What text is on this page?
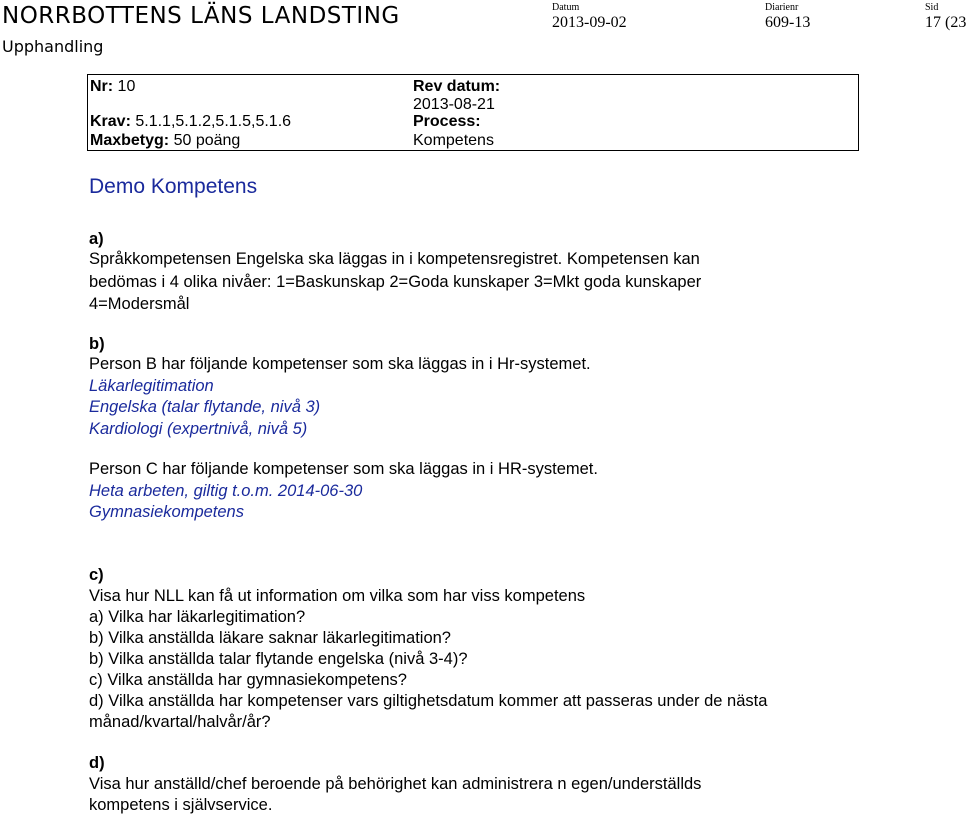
NORRBOTTENS LÄNS LANDSTING
Upphandling
Datum
2013-09-02
Diarienr
609-13
Sid
17 (23
Nr: 10
Krav: 5.1.1,5.1.2,5.1.5,5.1.6
Maxbetyg: 50 poäng
Rev datum:
2013-08-21
Process:
Kompetens
Demo Kompetens
a)
Språkkompetensen Engelska ska läggas in i kompetensregistret. Kompetensen kan
bedömas i 4 olika nivåer: 1=Baskunskap 2=Goda kunskaper 3=Mkt goda kunskaper
4=Modersmål
b)
Person B har följande kompetenser som ska läggas in i Hr-systemet.
Läkarlegitimation
Engelska (talar flytande, nivå 3)
Kardiologi (expertnivå, nivå 5)
Person C har följande kompetenser som ska läggas in i HR-systemet.
Heta arbeten, giltig t.o.m. 2014-06-30
Gymnasiekompetens
c)
Visa hur NLL kan få ut information om vilka som har viss kompetens
a) Vilka har läkarlegitimation?
b) Vilka anställda läkare saknar läkarlegitimation?
b) Vilka anställda talar flytande engelska (nivå 3-4)?
c) Vilka anställda har gymnasiekompetens?
d) Vilka anställda har kompetenser vars giltighetsdatum kommer att passeras under de nästa
månad/kvartal/halvår/år?
d)
Visa hur anställd/chef beroende på behörighet kan administrera n egen/underställds
kompetens i självservice.
